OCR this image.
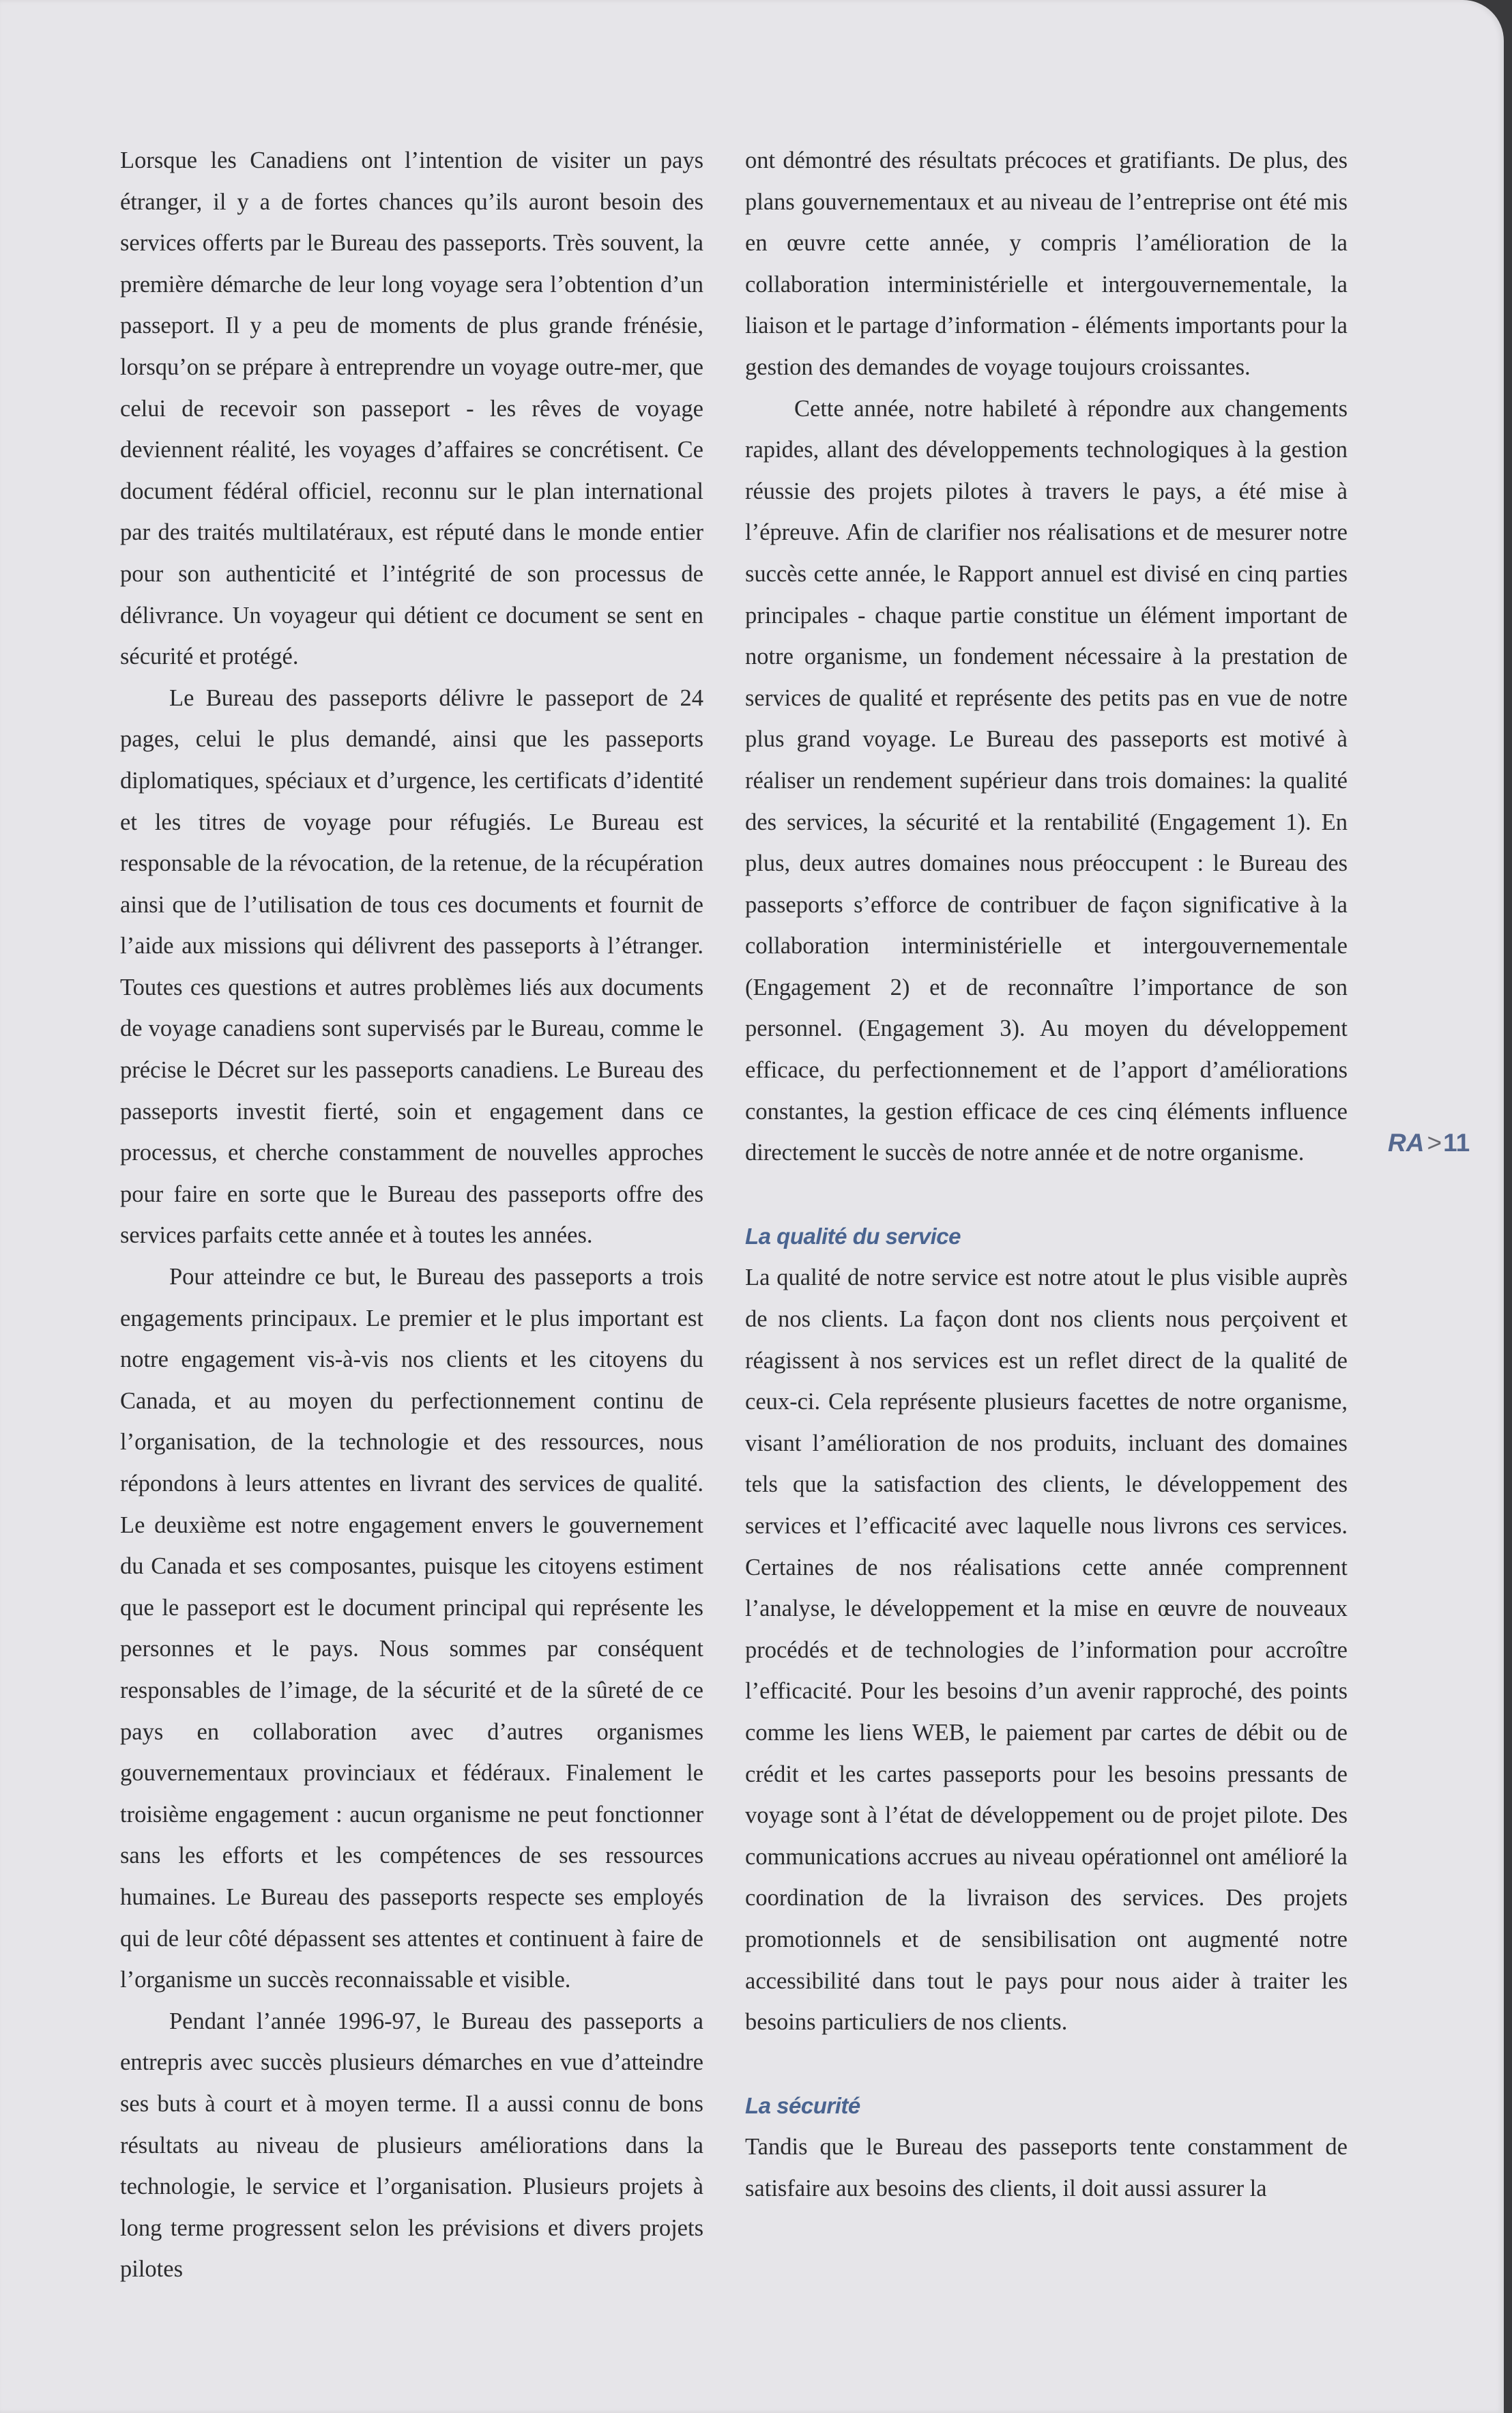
Lorsque les Canadiens ont l’intention de visiter un pays étranger, il y a de fortes chances qu’ils auront besoin des services offerts par le Bureau des passeports. Très souvent, la première démarche de leur long voyage sera l’obtention d’un passeport. Il y a peu de moments de plus grande frénésie, lorsqu’on se prépare à entreprendre un voyage outre-mer, que celui de recevoir son passeport - les rêves de voyage deviennent réalité, les voyages d’affaires se concrétisent. Ce document fédéral officiel, reconnu sur le plan international par des traités multilatéraux, est réputé dans le monde entier pour son authenticité et l’intégrité de son processus de délivrance. Un voyageur qui détient ce document se sent en sécurité et protégé.

Le Bureau des passeports délivre le passeport de 24 pages, celui le plus demandé, ainsi que les passeports diplomatiques, spéciaux et d’urgence, les certificats d’identité et les titres de voyage pour réfugiés. Le Bureau est responsable de la révocation, de la retenue, de la récupération ainsi que de l’utilisation de tous ces documents et fournit de l’aide aux missions qui délivrent des passeports à l’étranger. Toutes ces questions et autres problèmes liés aux documents de voyage canadiens sont supervisés par le Bureau, comme le précise le Décret sur les passeports canadiens. Le Bureau des passeports investit fierté, soin et engagement dans ce processus, et cherche constamment de nouvelles approches pour faire en sorte que le Bureau des passeports offre des services parfaits cette année et à toutes les années.

Pour atteindre ce but, le Bureau des passeports a trois engagements principaux. Le premier et le plus important est notre engagement vis-à-vis nos clients et les citoyens du Canada, et au moyen du perfectionnement continu de l’organisation, de la technologie et des ressources, nous répondons à leurs attentes en livrant des services de qualité. Le deuxième est notre engagement envers le gouvernement du Canada et ses composantes, puisque les citoyens estiment que le passeport est le document principal qui représente les personnes et le pays. Nous sommes par conséquent responsables de l’image, de la sécurité et de la sûreté de ce pays en collaboration avec d’autres organismes gouvernementaux provinciaux et fédéraux. Finalement le troisième engagement : aucun organisme ne peut fonctionner sans les efforts et les compétences de ses ressources humaines. Le Bureau des passeports respecte ses employés qui de leur côté dépassent ses attentes et continuent à faire de l’organisme un succès reconnaissable et visible.

Pendant l’année 1996-97, le Bureau des passeports a entrepris avec succès plusieurs démarches en vue d’atteindre ses buts à court et à moyen terme. Il a aussi connu de bons résultats au niveau de plusieurs améliorations dans la technologie, le service et l’organisation. Plusieurs projets à long terme progressent selon les prévisions et divers projets pilotes

ont démontré des résultats précoces et gratifiants. De plus, des plans gouvernementaux et au niveau de l’entreprise ont été mis en œuvre cette année, y compris l’amélioration de la collaboration interministérielle et intergouvernementale, la liaison et le partage d’information - éléments importants pour la gestion des demandes de voyage toujours croissantes.

Cette année, notre habileté à répondre aux changements rapides, allant des développements technologiques à la gestion réussie des projets pilotes à travers le pays, a été mise à l’épreuve. Afin de clarifier nos réalisations et de mesurer notre succès cette année, le Rapport annuel est divisé en cinq parties principales - chaque partie constitue un élément important de notre organisme, un fondement nécessaire à la prestation de services de qualité et représente des petits pas en vue de notre plus grand voyage. Le Bureau des passeports est motivé à réaliser un rendement supérieur dans trois domaines: la qualité des services, la sécurité et la rentabilité (Engagement 1). En plus, deux autres domaines nous préoccupent : le Bureau des passeports s’efforce de contribuer de façon significative à la collaboration interministérielle et intergouvernementale (Engagement 2) et de reconnaître l’importance de son personnel. (Engagement 3). Au moyen du développement efficace, du perfectionnement et de l’apport d’améliorations constantes, la gestion efficace de ces cinq éléments influence directement le succès de notre année et de notre organisme.

La qualité du service

La qualité de notre service est notre atout le plus visible auprès de nos clients. La façon dont nos clients nous perçoivent et réagissent à nos services est un reflet direct de la qualité de ceux-ci. Cela représente plusieurs facettes de notre organisme, visant l’amélioration de nos produits, incluant des domaines tels que la satisfaction des clients, le développement des services et l’efficacité avec laquelle nous livrons ces services. Certaines de nos réalisations cette année comprennent l’analyse, le développement et la mise en œuvre de nouveaux procédés et de technologies de l’information pour accroître l’efficacité. Pour les besoins d’un avenir rapproché, des points comme les liens WEB, le paiement par cartes de débit ou de crédit et les cartes passeports pour les besoins pressants de voyage sont à l’état de développement ou de projet pilote. Des communications accrues au niveau opérationnel ont amélioré la coordination de la livraison des services. Des projets promotionnels et de sensibilisation ont augmenté notre accessibilité dans tout le pays pour nous aider à traiter les besoins particuliers de nos clients.

La sécurité

Tandis que le Bureau des passeports tente constamment de satisfaire aux besoins des clients, il doit aussi assurer la

RA >11
